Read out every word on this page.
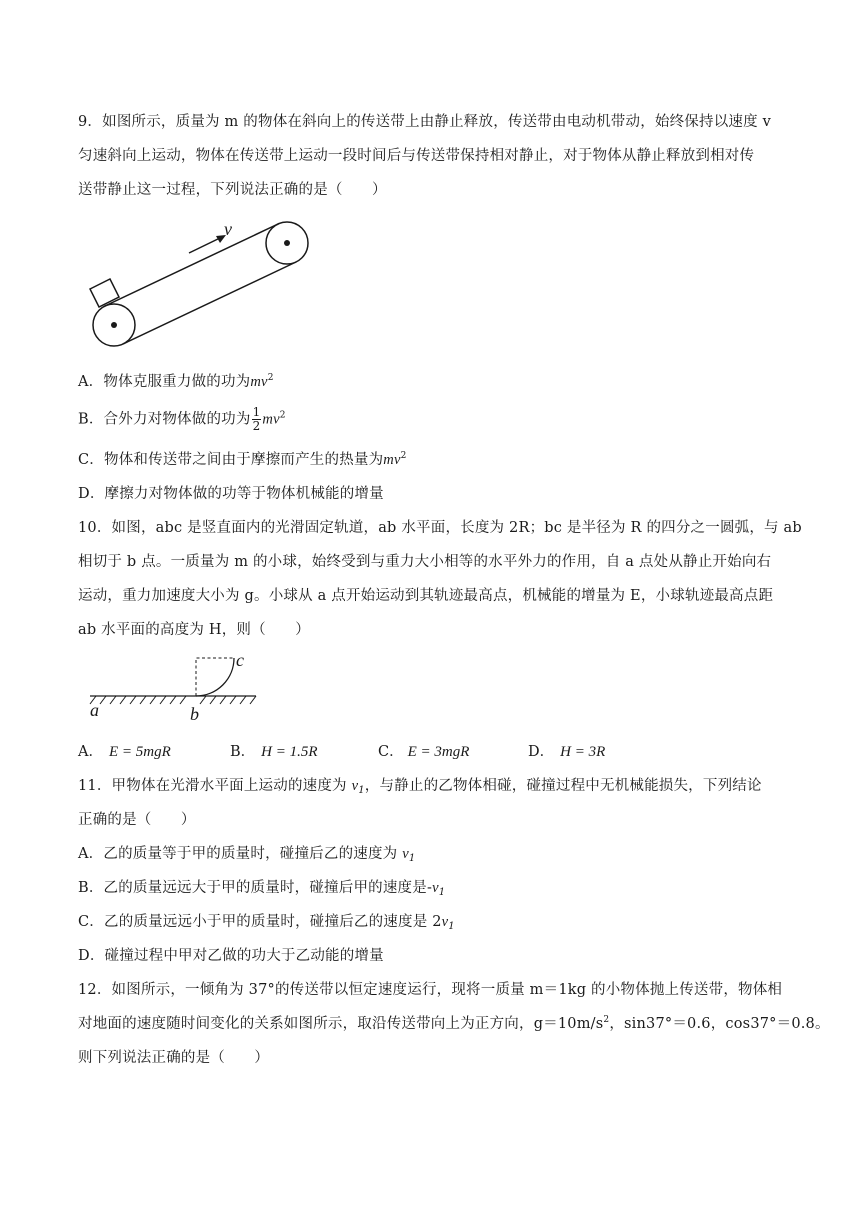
9．如图所示，质量为 m 的物体在斜向上的传送带上由静止释放，传送带由电动机带动，始终保持以速度 v
匀速斜向上运动，物体在传送带上运动一段时间后与传送带保持相对静止，对于物体从静止释放到相对传
送带静止这一过程，下列说法正确的是（　　）
v
A．物体克服重力做的功为$mv^2$
B．合外力对物体做的功为 $\frac{1}{2} mv^2$
C．物体和传送带之间由于摩擦而产生的热量为$mv^2$
D．摩擦力对物体做的功等于物体机械能的增量
10．如图，abc 是竖直面内的光滑固定轨道，ab 水平面，长度为 2R；bc 是半径为 R 的四分之一圆弧，与 ab
相切于 b 点。一质量为 m 的小球，始终受到与重力大小相等的水平外力的作用，自 a 点处从静止开始向右
运动，重力加速度大小为 g。小球从 a 点开始运动到其轨迹最高点，机械能的增量为 E，小球轨迹最高点距
ab 水平面的高度为 H，则（　　）
a	b
c
A． E = 5mgR	B． H = 1.5R	C． E = 3mgR	D． H = 3R
11．甲物体在光滑水平面上运动的速度为 $v_1$，与静止的乙物体相碰，碰撞过程中无机械能损失，下列结论
正确的是（　　）
A．乙的质量等于甲的质量时，碰撞后乙的速度为 $v_1$
B．乙的质量远远大于甲的质量时，碰撞后甲的速度是$-v_1$
C．乙的质量远远小于甲的质量时，碰撞后乙的速度是 $2v_1$
D．碰撞过程中甲对乙做的功大于乙动能的增量
12．如图所示，一倾角为 37°的传送带以恒定速度运行，现将一质量 m＝1kg 的小物体抛上传送带，物体相
对地面的速度随时间变化的关系如图所示，取沿传送带向上为正方向，$g=10m/s^2$，sin37°＝0.6，cos37°＝0.8。
则下列说法正确的是（　　）
